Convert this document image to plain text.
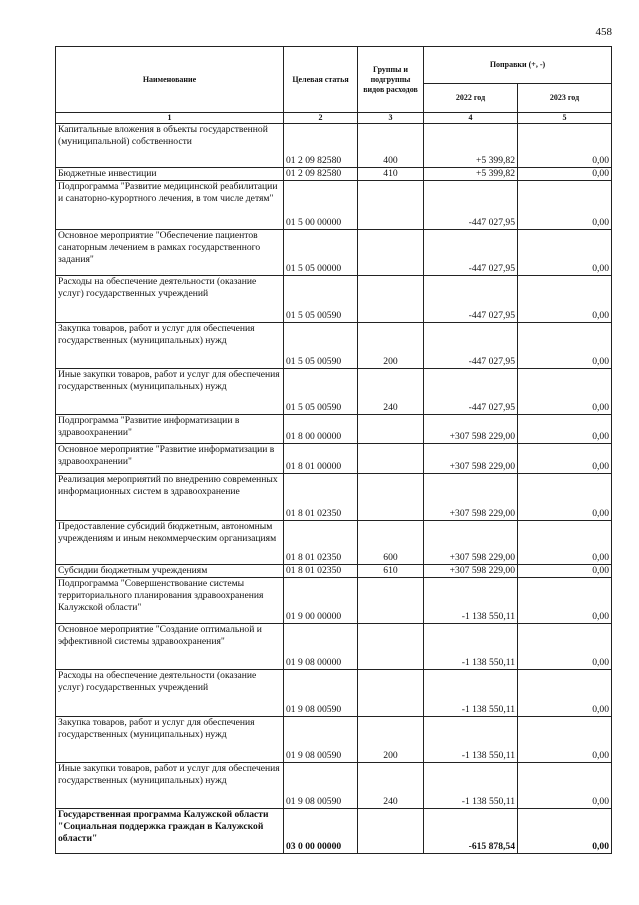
458
Наименование	Целевая статья	Группы и подгруппы видов расходов	Поправки (+, -)	
			2022 год	2023 год
1	2	3	4	5
Капитальные вложения в объекты государственной (муниципальной) собственности	01 2 09 82580	400	+5 399,82	0,00
Бюджетные инвестиции	01 2 09 82580	410	+5 399,82	0,00
Подпрограмма "Развитие медицинской реабилитации и санаторно-курортного лечения, в том числе детям"	01 5 00 00000		-447 027,95	0,00
Основное мероприятие "Обеспечение пациентов санаторным лечением в рамках государственного задания"	01 5 05 00000		-447 027,95	0,00
Расходы на обеспечение деятельности (оказание услуг) государственных учреждений	01 5 05 00590		-447 027,95	0,00
Закупка товаров, работ и услуг для обеспечения государственных (муниципальных) нужд	01 5 05 00590	200	-447 027,95	0,00
Иные закупки товаров, работ и услуг для обеспечения государственных (муниципальных) нужд	01 5 05 00590	240	-447 027,95	0,00
Подпрограмма "Развитие информатизации в здравоохранении"	01 8 00 00000		+307 598 229,00	0,00
Основное мероприятие "Развитие информатизации в здравоохранении"	01 8 01 00000		+307 598 229,00	0,00
Реализация мероприятий по внедрению современных информационных систем в здравоохранение	01 8 01 02350		+307 598 229,00	0,00
Предоставление субсидий бюджетным, автономным учреждениям и иным некоммерческим организациям	01 8 01 02350	600	+307 598 229,00	0,00
Субсидии бюджетным учреждениям	01 8 01 02350	610	+307 598 229,00	0,00
Подпрограмма "Совершенствование системы территориального планирования здравоохранения Калужской области"	01 9 00 00000		-1 138 550,11	0,00
Основное мероприятие "Создание оптимальной и эффективной системы здравоохранения"	01 9 08 00000		-1 138 550,11	0,00
Расходы на обеспечение деятельности (оказание услуг) государственных учреждений	01 9 08 00590		-1 138 550,11	0,00
Закупка товаров, работ и услуг для обеспечения государственных (муниципальных) нужд	01 9 08 00590	200	-1 138 550,11	0,00
Иные закупки товаров, работ и услуг для обеспечения государственных (муниципальных) нужд	01 9 08 00590	240	-1 138 550,11	0,00
Государственная программа Калужской области "Социальная поддержка граждан в Калужской области"	03 0 00 00000		-615 878,54	0,00
